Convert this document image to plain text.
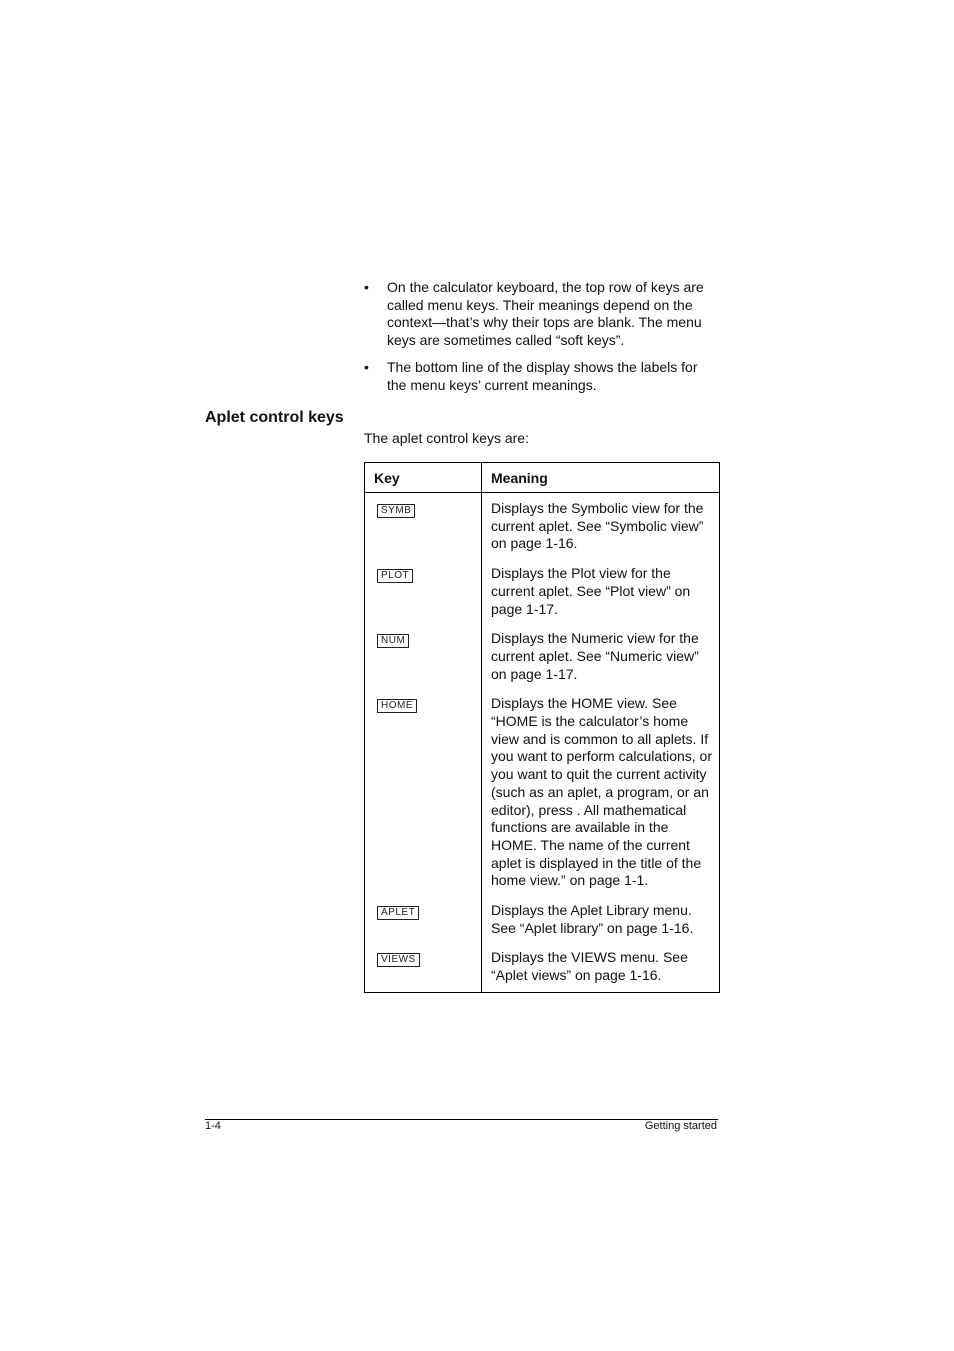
• On the calculator keyboard, the top row of keys are called menu keys. Their meanings depend on the context—that’s why their tops are blank. The menu keys are sometimes called “soft keys”.
• The bottom line of the display shows the labels for the menu keys’ current meanings.
Aplet control keys

The aplet control keys are:

Key	Meaning
SYMB	Displays the Symbolic view for the current aplet. See “Symbolic view” on page 1-16.
PLOT	Displays the Plot view for the current aplet. See “Plot view” on page 1-17.
NUM	Displays the Numeric view for the current aplet. See “Numeric view” on page 1-17.
HOME	Displays the HOME view. See “HOME is the calculator’s home view and is common to all aplets. If you want to perform calculations, or you want to quit the current activity (such as an aplet, a program, or an editor), press . All mathematical functions are available in the HOME. The name of the current aplet is displayed in the title of the home view.” on page 1-1.
APLET	Displays the Aplet Library menu. See “Aplet library” on page 1-16.
VIEWS	Displays the VIEWS menu. See “Aplet views” on page 1-16.
1-4	Getting started
